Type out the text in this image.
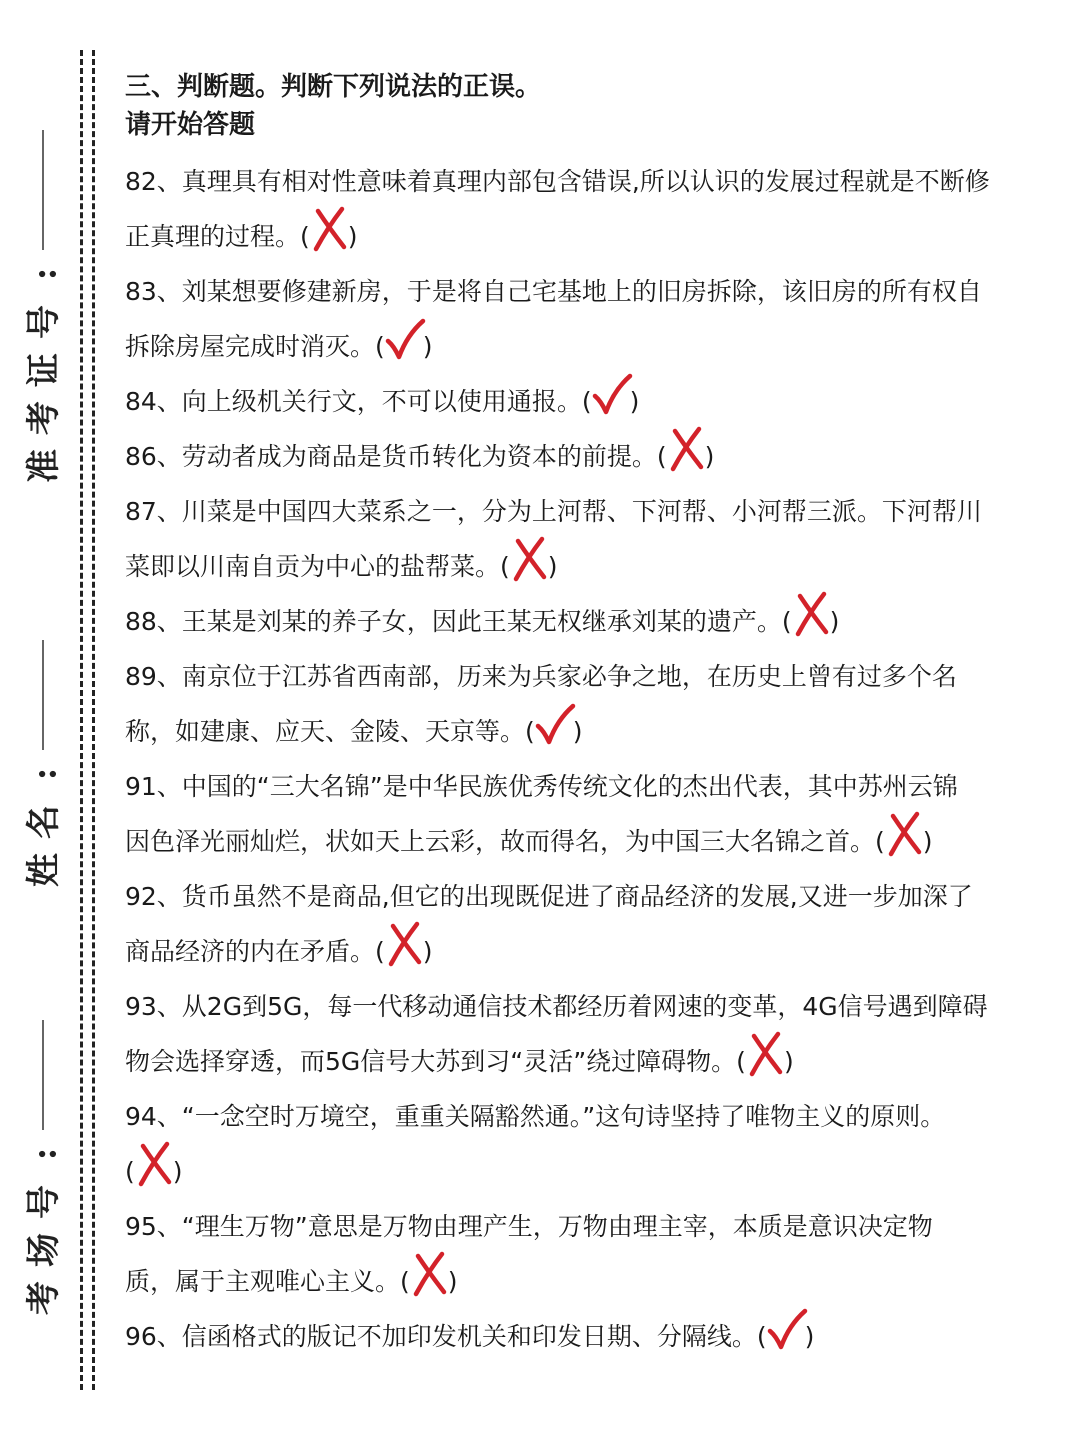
:
号
证
考
准
:
名
姓
:
号
场
考

三、判断题。判断下列说法的正误。

请开始答题

82、真理具有相对性意味着真理内部包含错误,所以认识的发展过程就是不断修

正真理的过程。( )

83、刘某想要修建新房，于是将自己宅基地上的旧房拆除，该旧房的所有权自

拆除房屋完成时消灭。( )

84、向上级机关行文，不可以使用通报。( )

86、劳动者成为商品是货币转化为资本的前提。( )

87、川菜是中国四大菜系之一，分为上河帮、下河帮、小河帮三派。下河帮川

菜即以川南自贡为中心的盐帮菜。( )

88、王某是刘某的养子女，因此王某无权继承刘某的遗产。( )

89、南京位于江苏省西南部，历来为兵家必争之地，在历史上曾有过多个名

称，如建康、应天、金陵、天京等。( )

91、中国的“三大名锦”是中华民族优秀传统文化的杰出代表，其中苏州云锦

因色泽光丽灿烂，状如天上云彩，故而得名，为中国三大名锦之首。( )

92、货币虽然不是商品,但它的出现既促进了商品经济的发展,又进一步加深了

商品经济的内在矛盾。( )

93、从2G到5G，每一代移动通信技术都经历着网速的变革，4G信号遇到障碍

物会选择穿透，而5G信号大苏到习“灵活”绕过障碍物。( )

94、“一念空时万境空，重重关隔豁然通。”这句诗坚持了唯物主义的原则。

( )

95、“理生万物”意思是万物由理产生，万物由理主宰，本质是意识决定物

质，属于主观唯心主义。( )

96、信函格式的版记不加印发机关和印发日期、分隔线。( )
